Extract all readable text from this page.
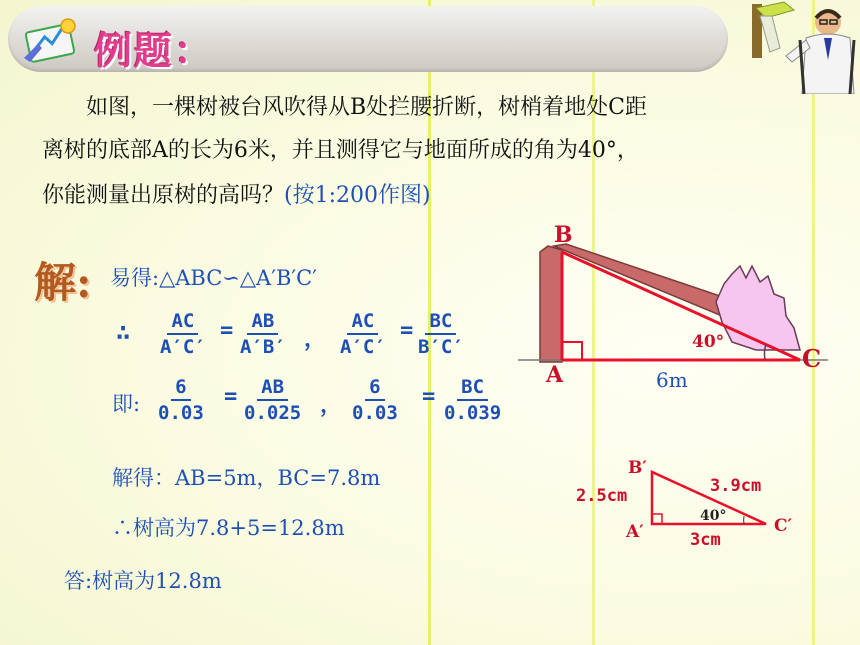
例题：
如图，一棵树被台风吹得从B处拦腰折断，树梢着地处C距
离树的底部A的长为6米，并且测得它与地面所成的角为40°，
你能测量出原树的高吗？(按1:200作图)
解: 易得:△ABC∽△A′B′C′
∴ $\frac{AC}{A'C'} = \frac{AB}{A'B'}$ ， $\frac{AC}{A'C'} = \frac{BC}{B'C'}$
即: $\frac{6}{0.03} = \frac{AB}{0.025}$ ， $\frac{6}{0.03} = \frac{BC}{0.039}$
解得：AB=5m，BC=7.8m
∴树高为7.8+5=12.8m
答:树高为12.8m
B
A
C
40°
6m
B′
A′	C′
2.5cm	3.9cm
3cm
40°
